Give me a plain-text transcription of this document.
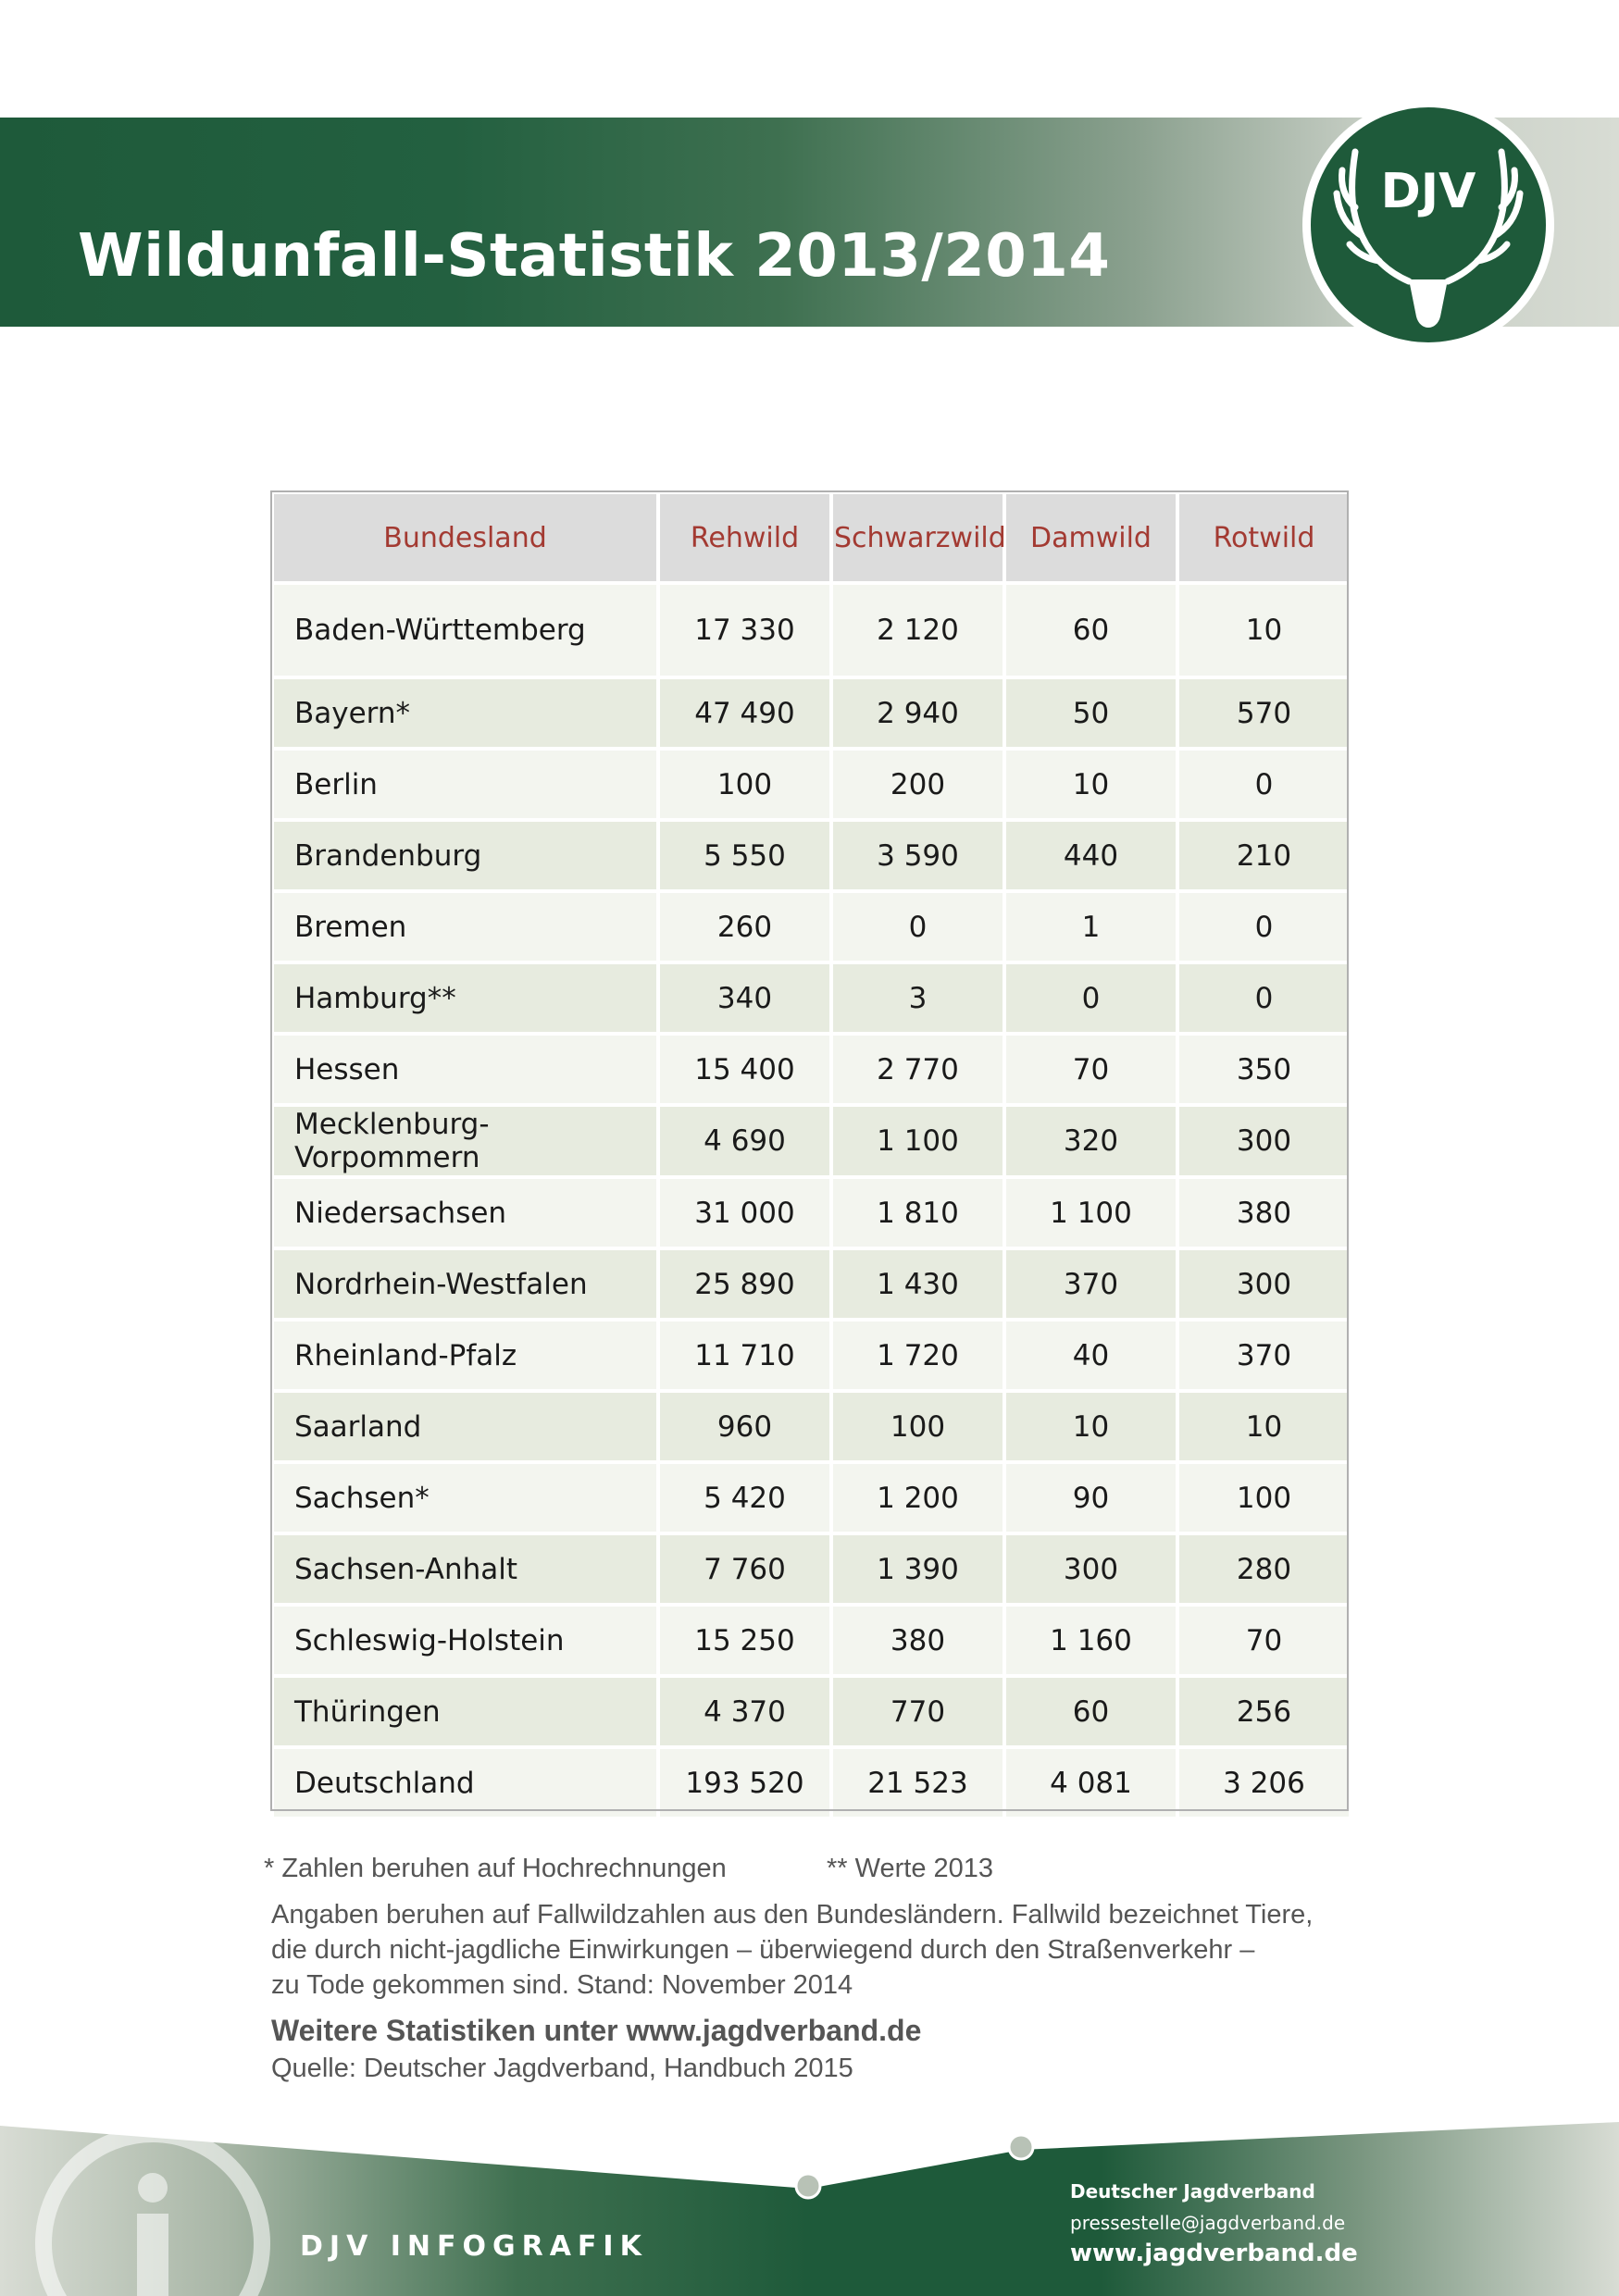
Wildunfall-Statistik 2013/2014
DJV
Bundesland	Rehwild	Schwarzwild	Damwild	Rotwild
Baden-Württemberg	17 330	2 120	60	10
Bayern*	47 490	2 940	50	570
Berlin	100	200	10	0
Brandenburg	5 550	3 590	440	210
Bremen	260	0	1	0
Hamburg**	340	3	0	0
Hessen	15 400	2 770	70	350
Mecklenburg-Vorpommern	4 690	1 100	320	300
Niedersachsen	31 000	1 810	1 100	380
Nordrhein-Westfalen	25 890	1 430	370	300
Rheinland-Pfalz	11 710	1 720	40	370
Saarland	960	100	10	10
Sachsen*	5 420	1 200	90	100
Sachsen-Anhalt	7 760	1 390	300	280
Schleswig-Holstein	15 250	380	1 160	70
Thüringen	4 370	770	60	256
Deutschland	193 520	21 523	4 081	3 206
* Zahlen beruhen auf Hochrechnungen	** Werte 2013
Angaben beruhen auf Fallwildzahlen aus den Bundesländern. Fallwild bezeichnet Tiere,
die durch nicht-jagdliche Einwirkungen – überwiegend durch den Straßenverkehr –
zu Tode gekommen sind. Stand: November 2014
Weitere Statistiken unter www.jagdverband.de
Quelle: Deutscher Jagdverband, Handbuch 2015
DJV INFOGRAFIK
Deutscher Jagdverband
pressestelle@jagdverband.de
www.jagdverband.de
